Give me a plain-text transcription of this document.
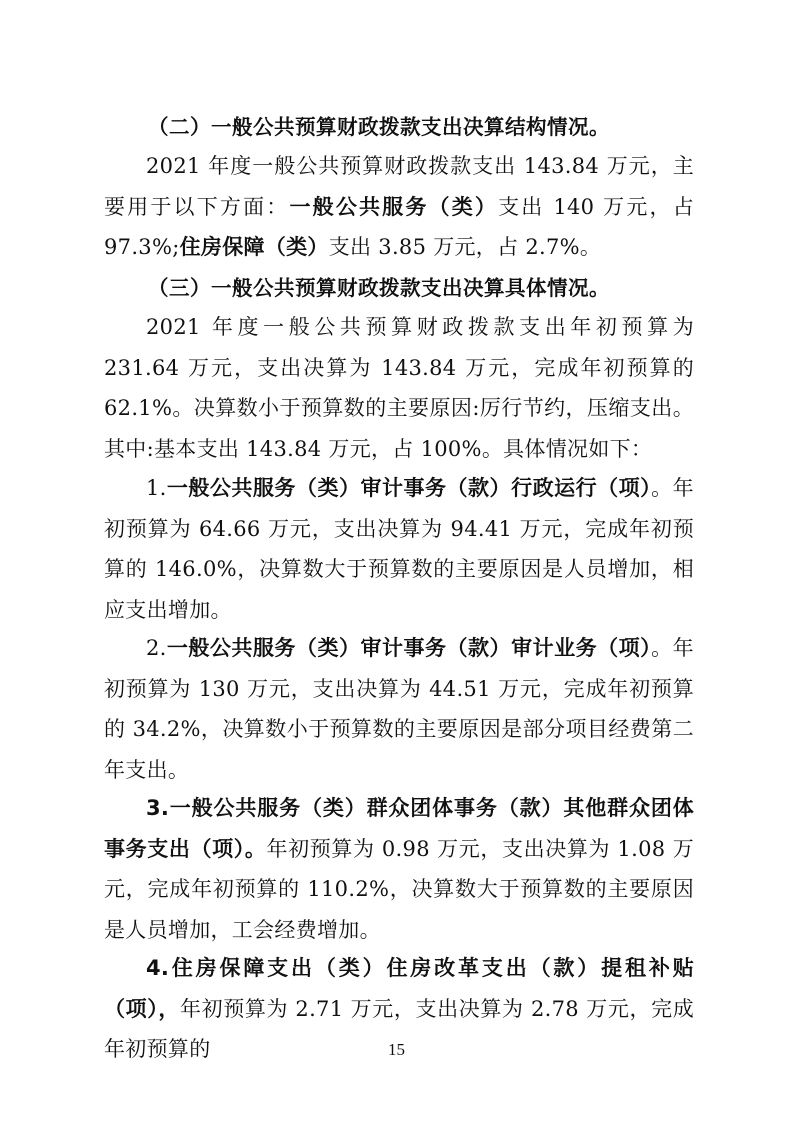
（二）一般公共预算财政拨款支出决算结构情况。

2021 年度一般公共预算财政拨款支出 143.84 万元，主要用于以下方面：一般公共服务（类）支出 140 万元，占 97.3%;住房保障（类）支出 3.85 万元，占 2.7%。

（三）一般公共预算财政拨款支出决算具体情况。

2021 年度一般公共预算财政拨款支出年初预算为 231.64 万元，支出决算为 143.84 万元，完成年初预算的 62.1%。决算数小于预算数的主要原因:厉行节约，压缩支出。其中:基本支出 143.84 万元，占 100%。具体情况如下：

1.一般公共服务（类）审计事务（款）行政运行（项）。年初预算为 64.66 万元，支出决算为 94.41 万元，完成年初预算的 146.0%，决算数大于预算数的主要原因是人员增加，相应支出增加。

2.一般公共服务（类）审计事务（款）审计业务（项）。年初预算为 130 万元，支出决算为 44.51 万元，完成年初预算的 34.2%，决算数小于预算数的主要原因是部分项目经费第二年支出。

3.一般公共服务（类）群众团体事务（款）其他群众团体事务支出（项）。年初预算为 0.98 万元，支出决算为 1.08 万元，完成年初预算的 110.2%，决算数大于预算数的主要原因是人员增加，工会经费增加。

4.住房保障支出（类）住房改革支出（款）提租补贴（项），年初预算为 2.71 万元，支出决算为 2.78 万元，完成年初预算的	15
